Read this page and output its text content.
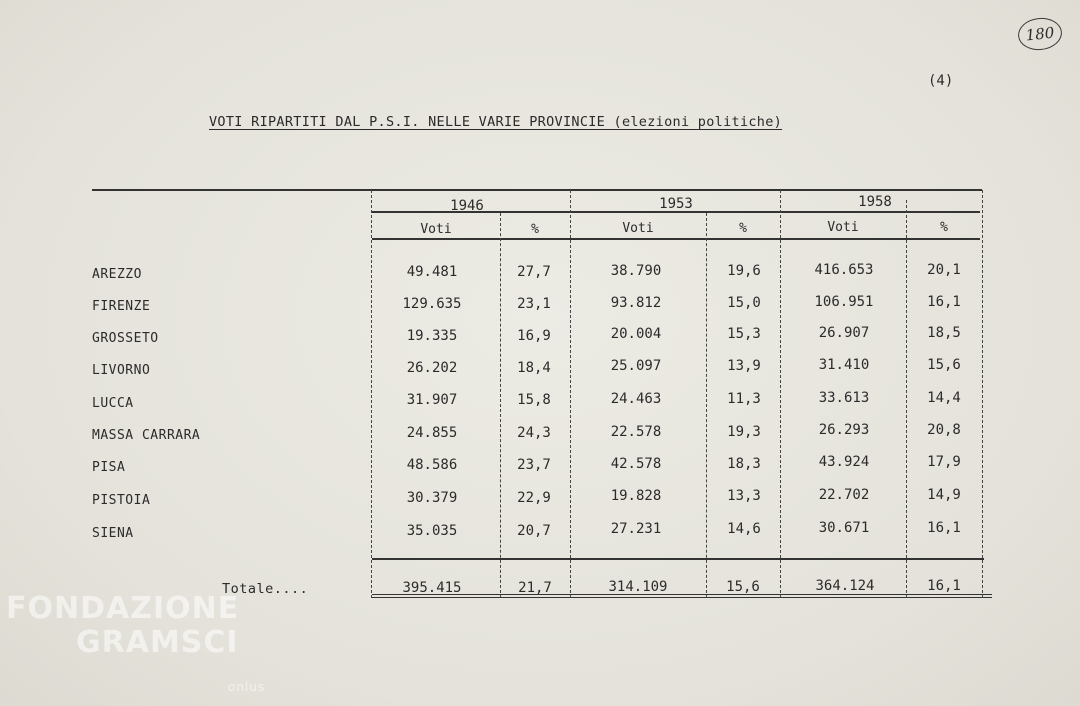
180
(4)
VOTI RIPARTITI DAL P.S.I. NELLE VARIE PROVINCIE (elezioni politiche)
1946	1953	1958
Voti	%	Voti	%	Voti	%
AREZZO	49.481	27,7	38.790	19,6	416.653	20,1
FIRENZE	129.635	23,1	93.812	15,0	106.951	16,1
GROSSETO	19.335	16,9	20.004	15,3	26.907	18,5
LIVORNO	26.202	18,4	25.097	13,9	31.410	15,6
LUCCA	31.907	15,8	24.463	11,3	33.613	14,4
MASSA CARRARA	24.855	24,3	22.578	19,3	26.293	20,8
PISA	48.586	23,7	42.578	18,3	43.924	17,9
PISTOIA	30.379	22,9	19.828	13,3	22.702	14,9
SIENA	35.035	20,7	27.231	14,6	30.671	16,1
Totale....	395.415	21,7	314.109	15,6	364.124	16,1
FONDAZIONE
GRAMSCI
onlus
